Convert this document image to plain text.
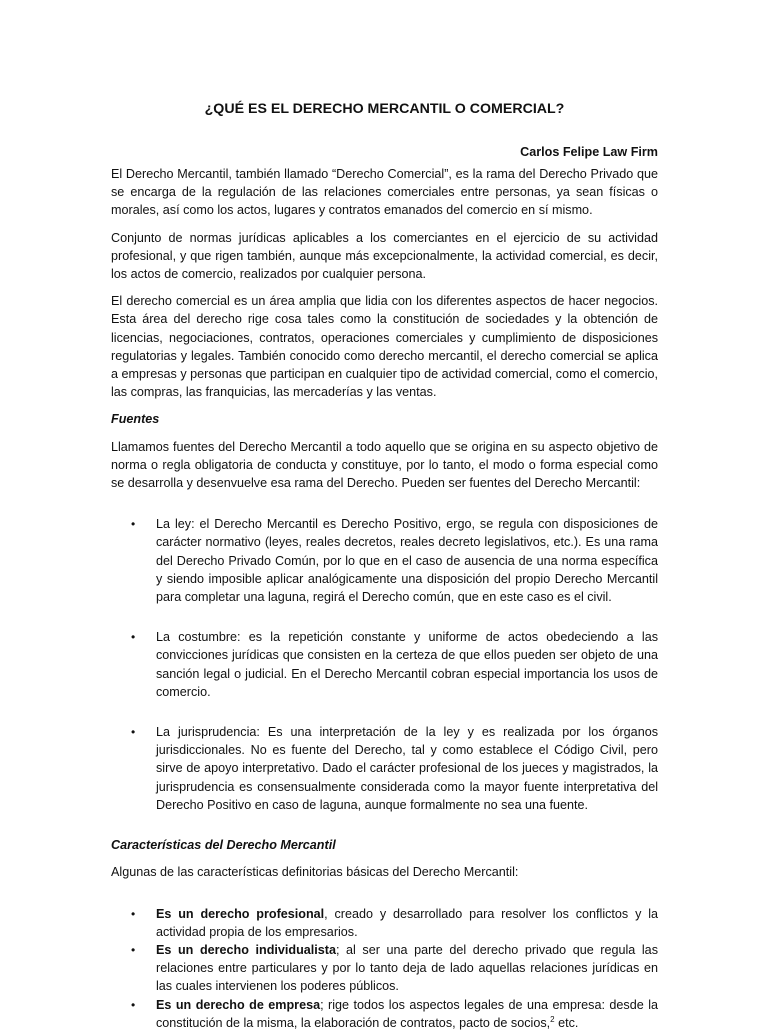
¿QUÉ ES EL DERECHO MERCANTIL O COMERCIAL?
Carlos Felipe Law Firm

El Derecho Mercantil, también llamado “Derecho Comercial”, es la rama del Derecho Privado que se encarga de la regulación de las relaciones comerciales entre personas, ya sean físicas o morales, así como los actos, lugares y contratos emanados del comercio en sí mismo.

Conjunto de normas jurídicas aplicables a los comerciantes en el ejercicio de su actividad profesional, y que rigen también, aunque más excepcionalmente, la actividad comercial, es decir, los actos de comercio, realizados por cualquier persona.

El derecho comercial es un área amplia que lidia con los diferentes aspectos de hacer negocios. Esta área del derecho rige cosa tales como la constitución de sociedades y la obtención de licencias, negociaciones, contratos, operaciones comerciales y cumplimiento de disposiciones regulatorias y legales. También conocido como derecho mercantil, el derecho comercial se aplica a empresas y personas que participan en cualquier tipo de actividad comercial, como el comercio, las compras, las franquicias, las mercaderías y las ventas.

Fuentes

Llamamos fuentes del Derecho Mercantil a todo aquello que se origina en su aspecto objetivo de norma o regla obligatoria de conducta y constituye, por lo tanto, el modo o forma especial como se desarrolla y desenvuelve esa rama del Derecho. Pueden ser fuentes del Derecho Mercantil:

• La ley: el Derecho Mercantil es Derecho Positivo, ergo, se regula con disposiciones de carácter normativo (leyes, reales decretos, reales decreto legislativos, etc.). Es una rama del Derecho Privado Común, por lo que en el caso de ausencia de una norma específica y siendo imposible aplicar analógicamente una disposición del propio Derecho Mercantil para completar una laguna, regirá el Derecho común, que en este caso es el civil.
• La costumbre: es la repetición constante y uniforme de actos obedeciendo a las convicciones jurídicas que consisten en la certeza de que ellos pueden ser objeto de una sanción legal o judicial. En el Derecho Mercantil cobran especial importancia los usos de comercio.
• La jurisprudencia: Es una interpretación de la ley y es realizada por los órganos jurisdiccionales. No es fuente del Derecho, tal y como establece el Código Civil, pero sirve de apoyo interpretativo. Dado el carácter profesional de los jueces y magistrados, la jurisprudencia es consensualmente considerada como la mayor fuente interpretativa del Derecho Positivo en caso de laguna, aunque formalmente no sea una fuente.
Características del Derecho Mercantil

Algunas de las características definitorias básicas del Derecho Mercantil:

• Es un derecho profesional, creado y desarrollado para resolver los conflictos y la actividad propia de los empresarios.
• Es un derecho individualista; al ser una parte del derecho privado que regula las relaciones entre particulares y por lo tanto deja de lado aquellas relaciones jurídicas en las cuales intervienen los poderes públicos.
• Es un derecho de empresa; rige todos los aspectos legales de una empresa: desde la constitución de la misma, la elaboración de contratos, pacto de socios,$^2$ etc.
